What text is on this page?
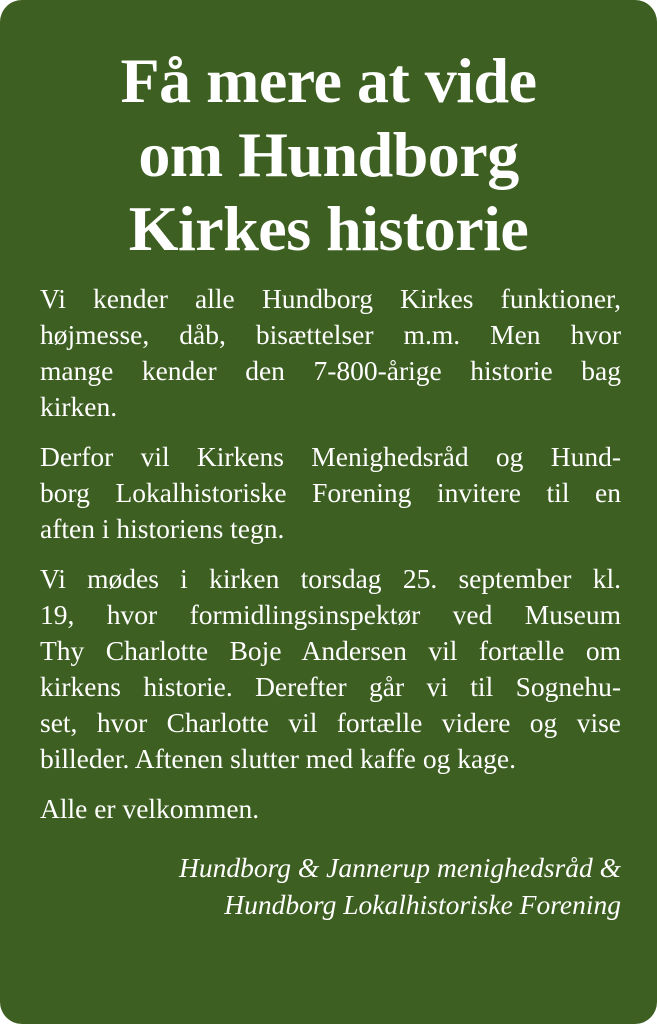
Få mere at vide
om Hundborg
Kirkes historie

Vi kender alle Hundborg Kirkes funktioner,
højmesse, dåb, bisættelser m.m. Men hvor
mange kender den 7-800-årige historie bag
kirken.

Derfor vil Kirkens Menighedsråd og Hund-
borg Lokalhistoriske Forening invitere til en
aften i historiens tegn.

Vi mødes i kirken torsdag 25. september kl.
19, hvor formidlingsinspektør ved Museum
Thy Charlotte Boje Andersen vil fortælle om
kirkens historie. Derefter går vi til Sognehu-
set, hvor Charlotte vil fortælle videre og vise
billeder. Aftenen slutter med kaffe og kage.

Alle er velkommen.

Hundborg & Jannerup menighedsråd &
Hundborg Lokalhistoriske Forening
